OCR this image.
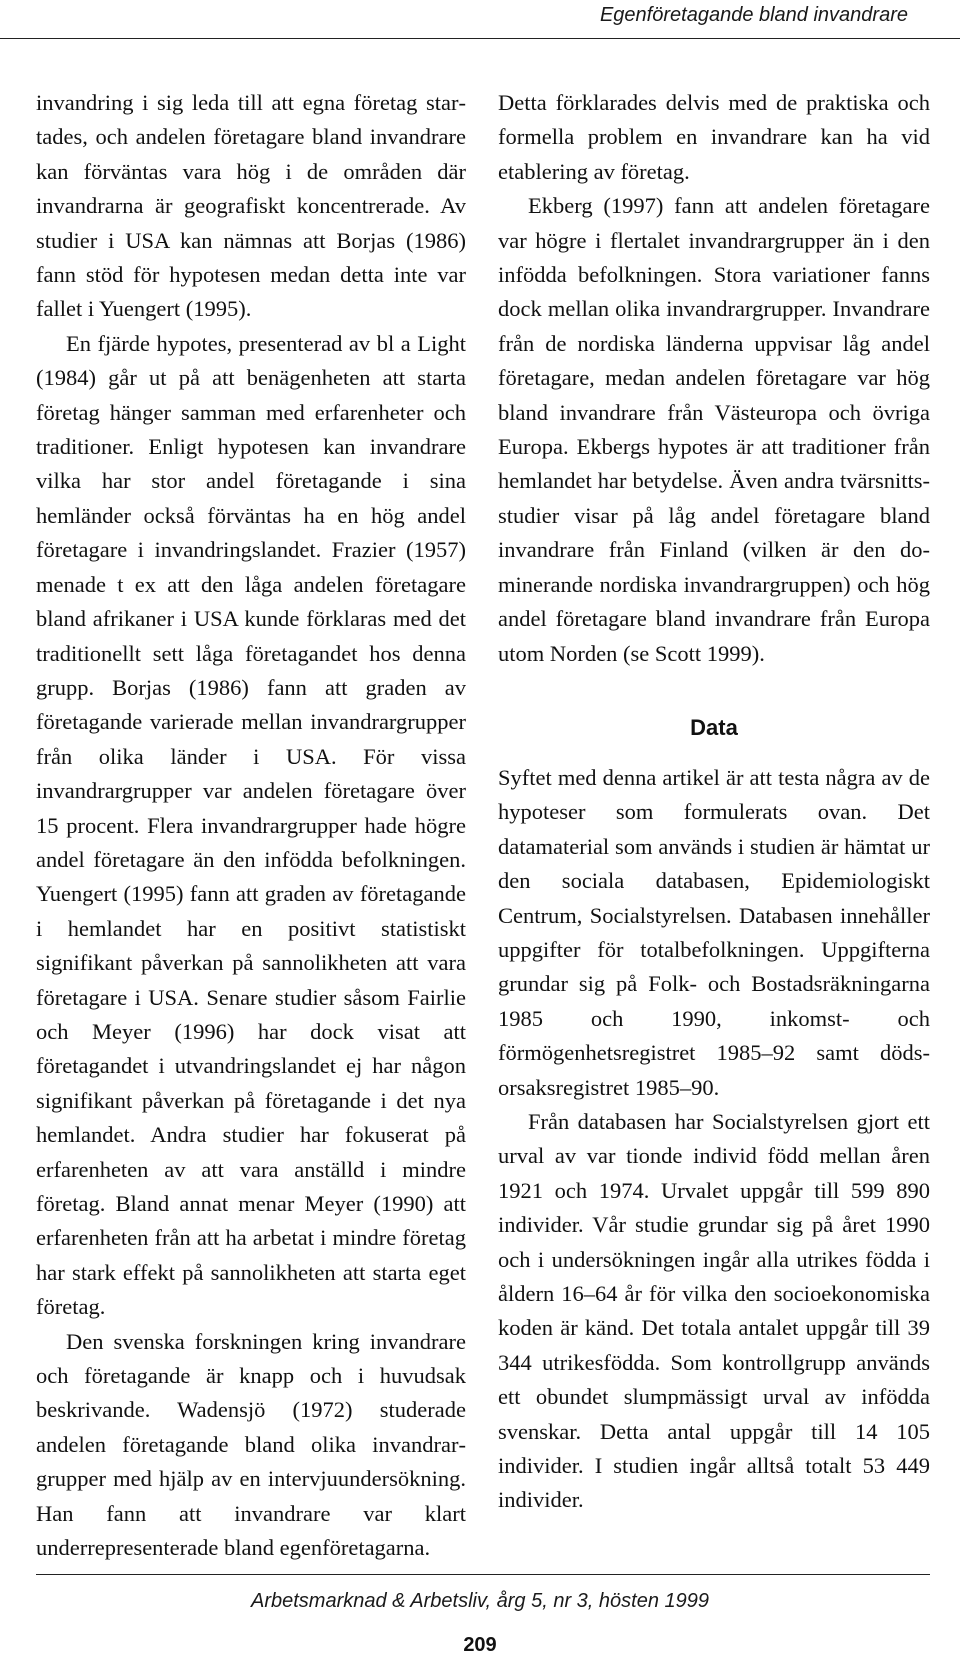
Egenföretagande bland invandrare

invandring i sig leda till att egna företag startades, och andelen företagare bland invandrare kan förväntas vara hög i de områden där invandrarna är geografiskt koncentrerade. Av studier i USA kan nämnas att Borjas (1986) fann stöd för hypotesen medan detta inte var fallet i Yuengert (1995).

En fjärde hypotes, presenterad av bl a Light (1984) går ut på att benägenheten att starta företag hänger samman med erfarenheter och traditioner. Enligt hypotesen kan invandrare vilka har stor andel företagande i sina hemländer också förväntas ha en hög andel företagare i invandringslandet. Frazier (1957) menade t ex att den låga andelen företagare bland afrikaner i USA kunde förklaras med det traditionellt sett låga företagandet hos denna grupp. Borjas (1986) fann att graden av företagande varierade mellan invandrargrupper från olika länder i USA. För vissa invandrargrupper var andelen företagare över 15 procent. Flera invandrargrupper hade högre andel företagare än den infödda befolkningen. Yuengert (1995) fann att graden av företagande i hemlandet har en positivt statistiskt signifikant påverkan på sannolikheten att vara företagare i USA. Senare studier såsom Fairlie och Meyer (1996) har dock visat att företagandet i utvandringslandet ej har någon signifikant påverkan på företagande i det nya hemlandet. Andra studier har fokuserat på erfarenheten av att vara anställd i mindre företag. Bland annat menar Meyer (1990) att erfarenheten från att ha arbetat i mindre företag har stark effekt på sannolikheten att starta eget företag.

Den svenska forskningen kring invandrare och företagande är knapp och i huvudsak beskrivande. Wadensjö (1972) studerade andelen företagande bland olika invandrargrupper med hjälp av en intervjuundersökning. Han fann att invandrare var klart underrepresenterade bland egenföretagarna.

Detta förklarades delvis med de praktiska och formella problem en invandrare kan ha vid etablering av företag.

Ekberg (1997) fann att andelen företagare var högre i flertalet invandrargrupper än i den infödda befolkningen. Stora variationer fanns dock mellan olika invandrargrupper. Invandrare från de nordiska länderna uppvisar låg andel företagare, medan andelen företagare var hög bland invandrare från Västeuropa och övriga Europa. Ekbergs hypotes är att traditioner från hemlandet har betydelse. Även andra tvärsnittsstudier visar på låg andel företagare bland invandrare från Finland (vilken är den dominerande nordiska invandrargruppen) och hög andel företagare bland invandrare från Europa utom Norden (se Scott 1999).

Data

Syftet med denna artikel är att testa några av de hypoteser som formulerats ovan. Det datamaterial som används i studien är hämtat ur den sociala databasen, Epidemiologiskt Centrum, Socialstyrelsen. Databasen innehåller uppgifter för totalbefolkningen. Uppgifterna grundar sig på Folk- och Bostadsräkningarna 1985 och 1990, inkomst- och förmögenhetsregistret 1985–92 samt dödsorsaksregistret 1985–90.

Från databasen har Socialstyrelsen gjort ett urval av var tionde individ född mellan åren 1921 och 1974. Urvalet uppgår till 599 890 individer. Vår studie grundar sig på året 1990 och i undersökningen ingår alla utrikes födda i åldern 16–64 år för vilka den socioekonomiska koden är känd. Det totala antalet uppgår till 39 344 utrikesfödda. Som kontrollgrupp används ett obundet slumpmässigt urval av infödda svenskar. Detta antal uppgår till 14 105 individer. I studien ingår alltså totalt 53 449 individer.

Arbetsmarknad & Arbetsliv, årg 5, nr 3, hösten 1999
209
